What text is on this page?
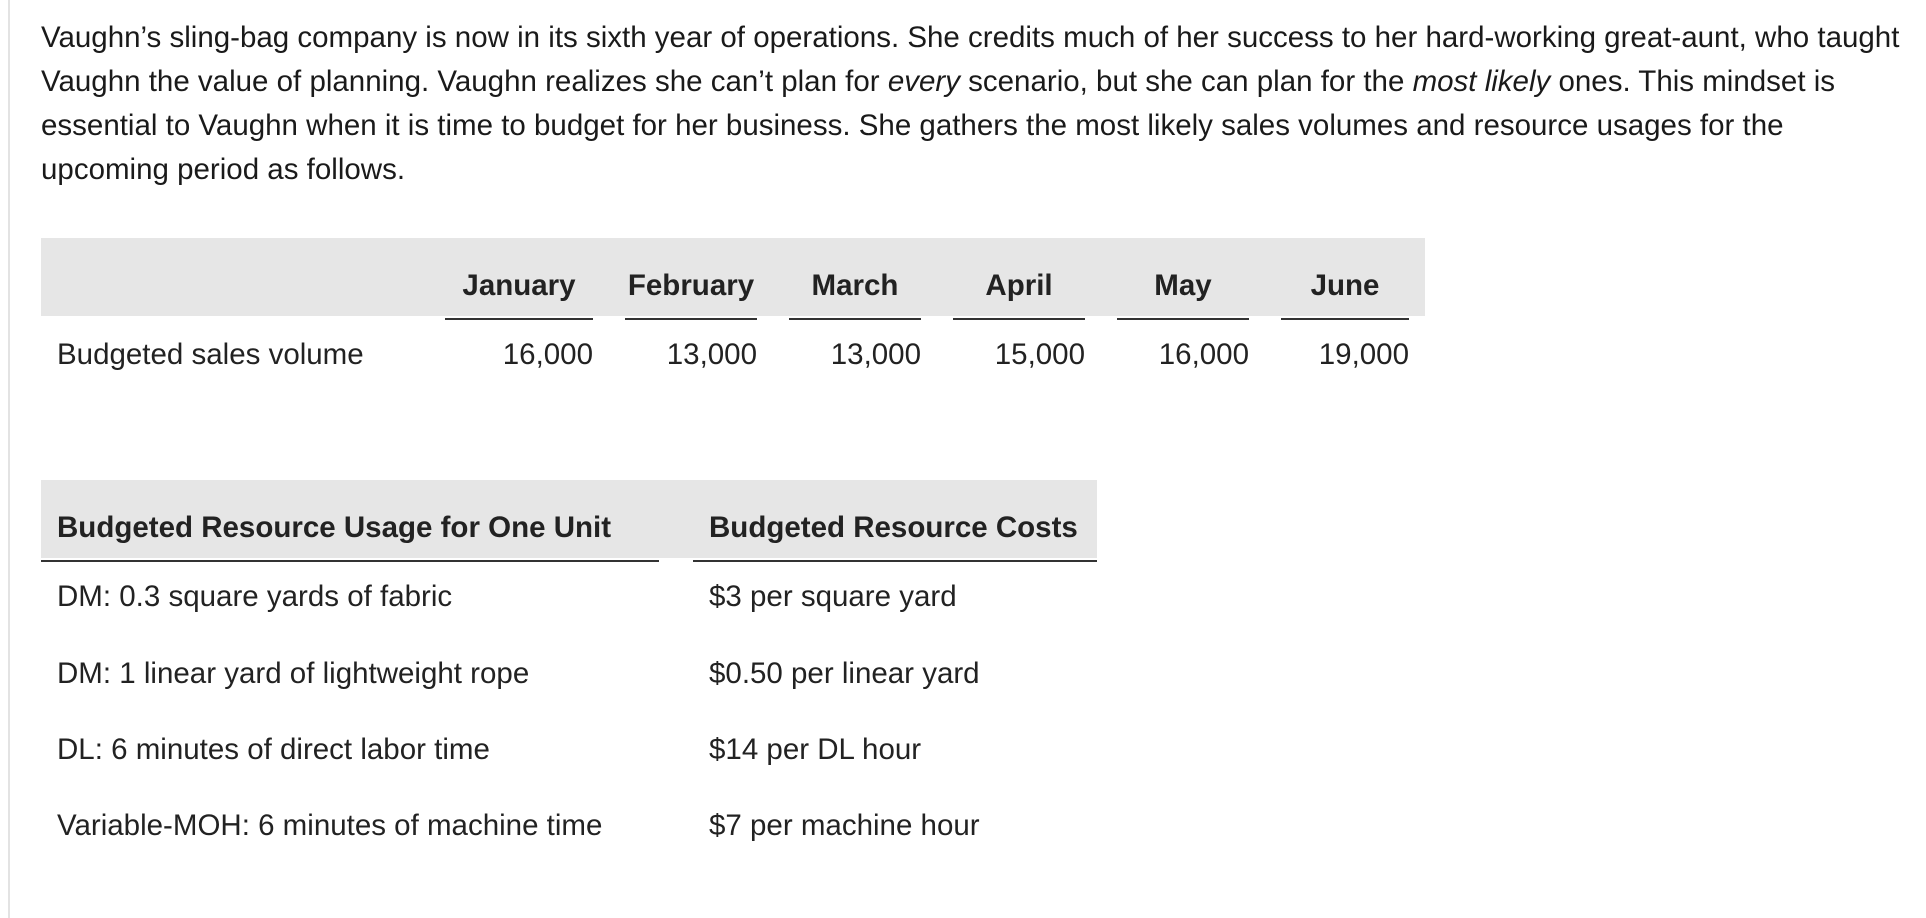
Vaughn’s sling-bag company is now in its sixth year of operations. She credits much of her success to her hard-working great-aunt, who taught Vaughn the value of planning. Vaughn realizes she can’t plan for every scenario, but she can plan for the most likely ones. This mindset is essential to Vaughn when it is time to budget for her business. She gathers the most likely sales volumes and resource usages for the upcoming period as follows.

	January	February	March	April	May	June

Budgeted sales volume	16,000	13,000	13,000	15,000	16,000	19,000
Budgeted Resource Usage for One Unit	Budgeted Resource Costs

DM: 0.3 square yards of fabric	$3 per square yard
DM: 1 linear yard of lightweight rope	$0.50 per linear yard
DL: 6 minutes of direct labor time	$14 per DL hour
Variable-MOH: 6 minutes of machine time	$7 per machine hour
